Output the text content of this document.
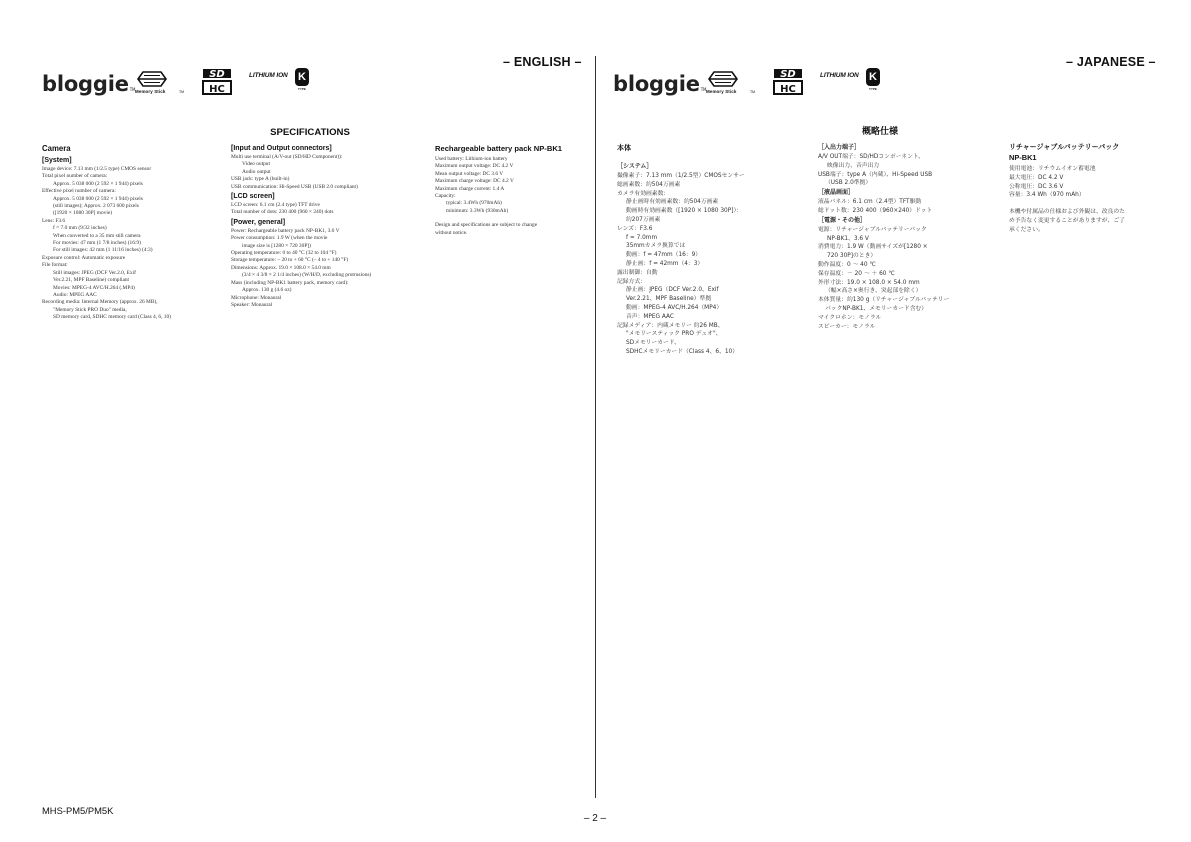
– ENGLISH –	– JAPANESE –
bloggieTM Memory Stick	TM
SD
HC
LITHIUM ION K
TYPE	bloggieTM Memory Stick	TM
SD
HC
LITHIUM ION K
TYPE
SPECIFICATIONS
Camera
[System]
Image device: 7.13 mm (1/2.5 type) CMOS sensor
Total pixel number of camera:
Approx. 5 038 000 (2 592 × 1 944) pixels
Effective pixel number of camera:
Approx. 5 038 000 (2 592 × 1 944) pixels
(still images); Approx. 2 073 600 pixels
([1920 × 1080 30P] movie)
Lens: F3.6
f = 7.0 mm (9/32 inches)
When converted to a 35 mm still camera
For movies: 47 mm (1 7/8 inches) (16:9)
For still images: 42 mm (1 11/16 inches) (4:3)
Exposure control: Automatic exposure
File format:
Still images: JPEG (DCF Ver.2.0, Exif
Ver.2.21, MPF Baseline) compliant
Movies: MPEG-4 AVC/H.264 (.MP4)
Audio: MPEG AAC
Recording media: Internal Memory (approx. 26 MB),
"Memory Stick PRO Duo" media,
SD memory card, SDHC memory card (Class 4, 6, 10)
[Input and Output connectors]
Multi use terminal (A/V-out (SD/HD Component)):
Video output
Audio output
USB jack: type A (built-in)
USB communication: Hi-Speed USB (USB 2.0 compliant)
[LCD screen]
LCD screen: 6.1 cm (2.4 type) TFT drive
Total number of dots: 230 400 (960 × 240) dots
[Power, general]
Power: Rechargeable battery pack NP-BK1, 3.6 V
Power consumption: 1.9 W (when the movie
image size is [1280 × 720 30P])
Operating temperature: 0 to 40 °C (32 to 104 °F)
Storage temperature: – 20 to + 60 °C (– 4 to + 140 °F)
Dimensions: Approx. 19.0 × 108.0 × 54.0 mm
(3/4 × 4 3/8 × 2 1/4 inches) (W/H/D, excluding protrusions)
Mass (including NP-BK1 battery pack, memory card):
Approx. 130 g (4.6 oz)
Microphone: Monaural
Speaker: Monaural
Rechargeable battery pack NP-BK1
Used battery: Lithium-ion battery
Maximum output voltage: DC 4.2 V
Mean output voltage: DC 3.6 V
Maximum charge voltage: DC 4.2 V
Maximum charge current: 1.4 A
Capacity:
typical: 3.4Wh (970mAh)
minimum: 3.3Wh (930mAh)
Design and specifications are subject to change
without notice.
概略仕様
本体
［システム］
撮像素子：7.13 mm（1/2.5型）CMOSセンサー
総画素数：約504万画素
カメラ有効画素数：
静止画時有効画素数：約504万画素
動画時有効画素数（[1920 × 1080 30P]）：
約207万画素
レンズ：F3.6
f = 7.0mm
35mmカメラ換算では
動画：f = 47mm（16：9）
静止画：f = 42mm（4：3）
露出制御：自動
記録方式：
静止画：JPEG（DCF Ver.2.0、Exif
Ver.2.21、MPF Baseline）準拠
動画：MPEG-4 AVC/H.264（MP4）
音声：MPEG AAC
記録メディア：内蔵メモリー 約26 MB、
"メモリースティック PRO デュオ"、
SDメモリーカード、
SDHCメモリーカード（Class 4、6、10）
［入出力端子］
A/V OUT端子：SD/HDコンポーネント、
映像出力、音声出力
USB端子：type A（内蔵）、Hi-Speed USB
（USB 2.0準拠）
［液晶画面］
液晶パネル：6.1 cm（2.4型）TFT駆動
総ドット数：230 400（960×240）ドット
［電源・その他］
電源：リチャージャブルバッテリーパック
NP-BK1、3.6 V
消費電力：1.9 W（動画サイズが[1280 ×
720 30P]のとき）
動作温度：0 ～ 40 ℃
保存温度：－ 20 ～ ＋ 60 ℃
外形寸法：19.0 × 108.0 × 54.0 mm
（幅×高さ×奥行き、突起部を除く）
本体質量：約130 g（リチャージャブルバッテリー
パックNP-BK1、メモリーカード含む）
マイクロホン：モノラル
スピーカー：モノラル
リチャージャブルバッテリーパック
NP-BK1
使用電池：リチウムイオン蓄電池
最大電圧：DC 4.2 V
公称電圧：DC 3.6 V
容量：3.4 Wh（970 mAh）
本機や付属品の仕様および外観は、改良のた
め予告なく変更することがありますが、ご了
承ください。
MHS-PM5/PM5K
– 2 –
